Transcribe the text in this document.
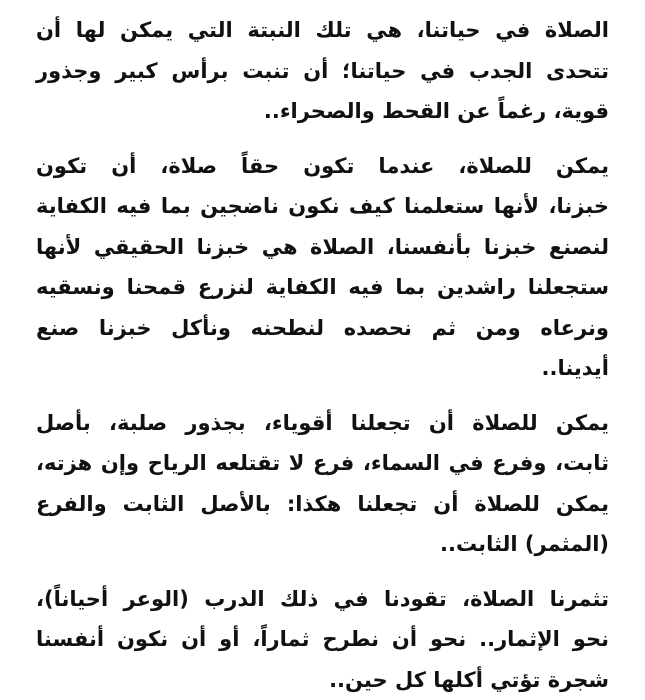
الصلاة في حياتنا، هي تلك النبتة التي يمكن لها أن
تتحدى الجدب في حياتنا؛ أن تنبت برأس كبير وجذور
قوية، رغماً عن القحط والصحراء..
يمكن للصلاة، عندما تكون حقاً صلاة، أن تكون
خبزنا، لأنها ستعلمنا كيف نكون ناضجين بما فيه الكفاية
لنصنع خبزنا بأنفسنا، الصلاة هي خبزنا الحقيقي لأنها
ستجعلنا راشدين بما فيه الكفاية لنزرع قمحنا ونسقيه
ونرعاه ومن ثم نحصده لنطحنه ونأكل خبزنا صنع
أيدينا..
يمكن للصلاة أن تجعلنا أقوياء، بجذور صلبة، بأصل
ثابت، وفرع في السماء، فرع لا تقتلعه الرياح وإن هزته،
يمكن للصلاة أن تجعلنا هكذا: بالأصل الثابت والفرع
(المثمر) الثابت..
تثمرنا الصلاة، تقودنا في ذلك الدرب (الوعر أحياناً)،
نحو الإثمار.. نحو أن نطرح ثماراً، أو أن نكون أنفسنا
شجرة تؤتي أكلها كل حين..
